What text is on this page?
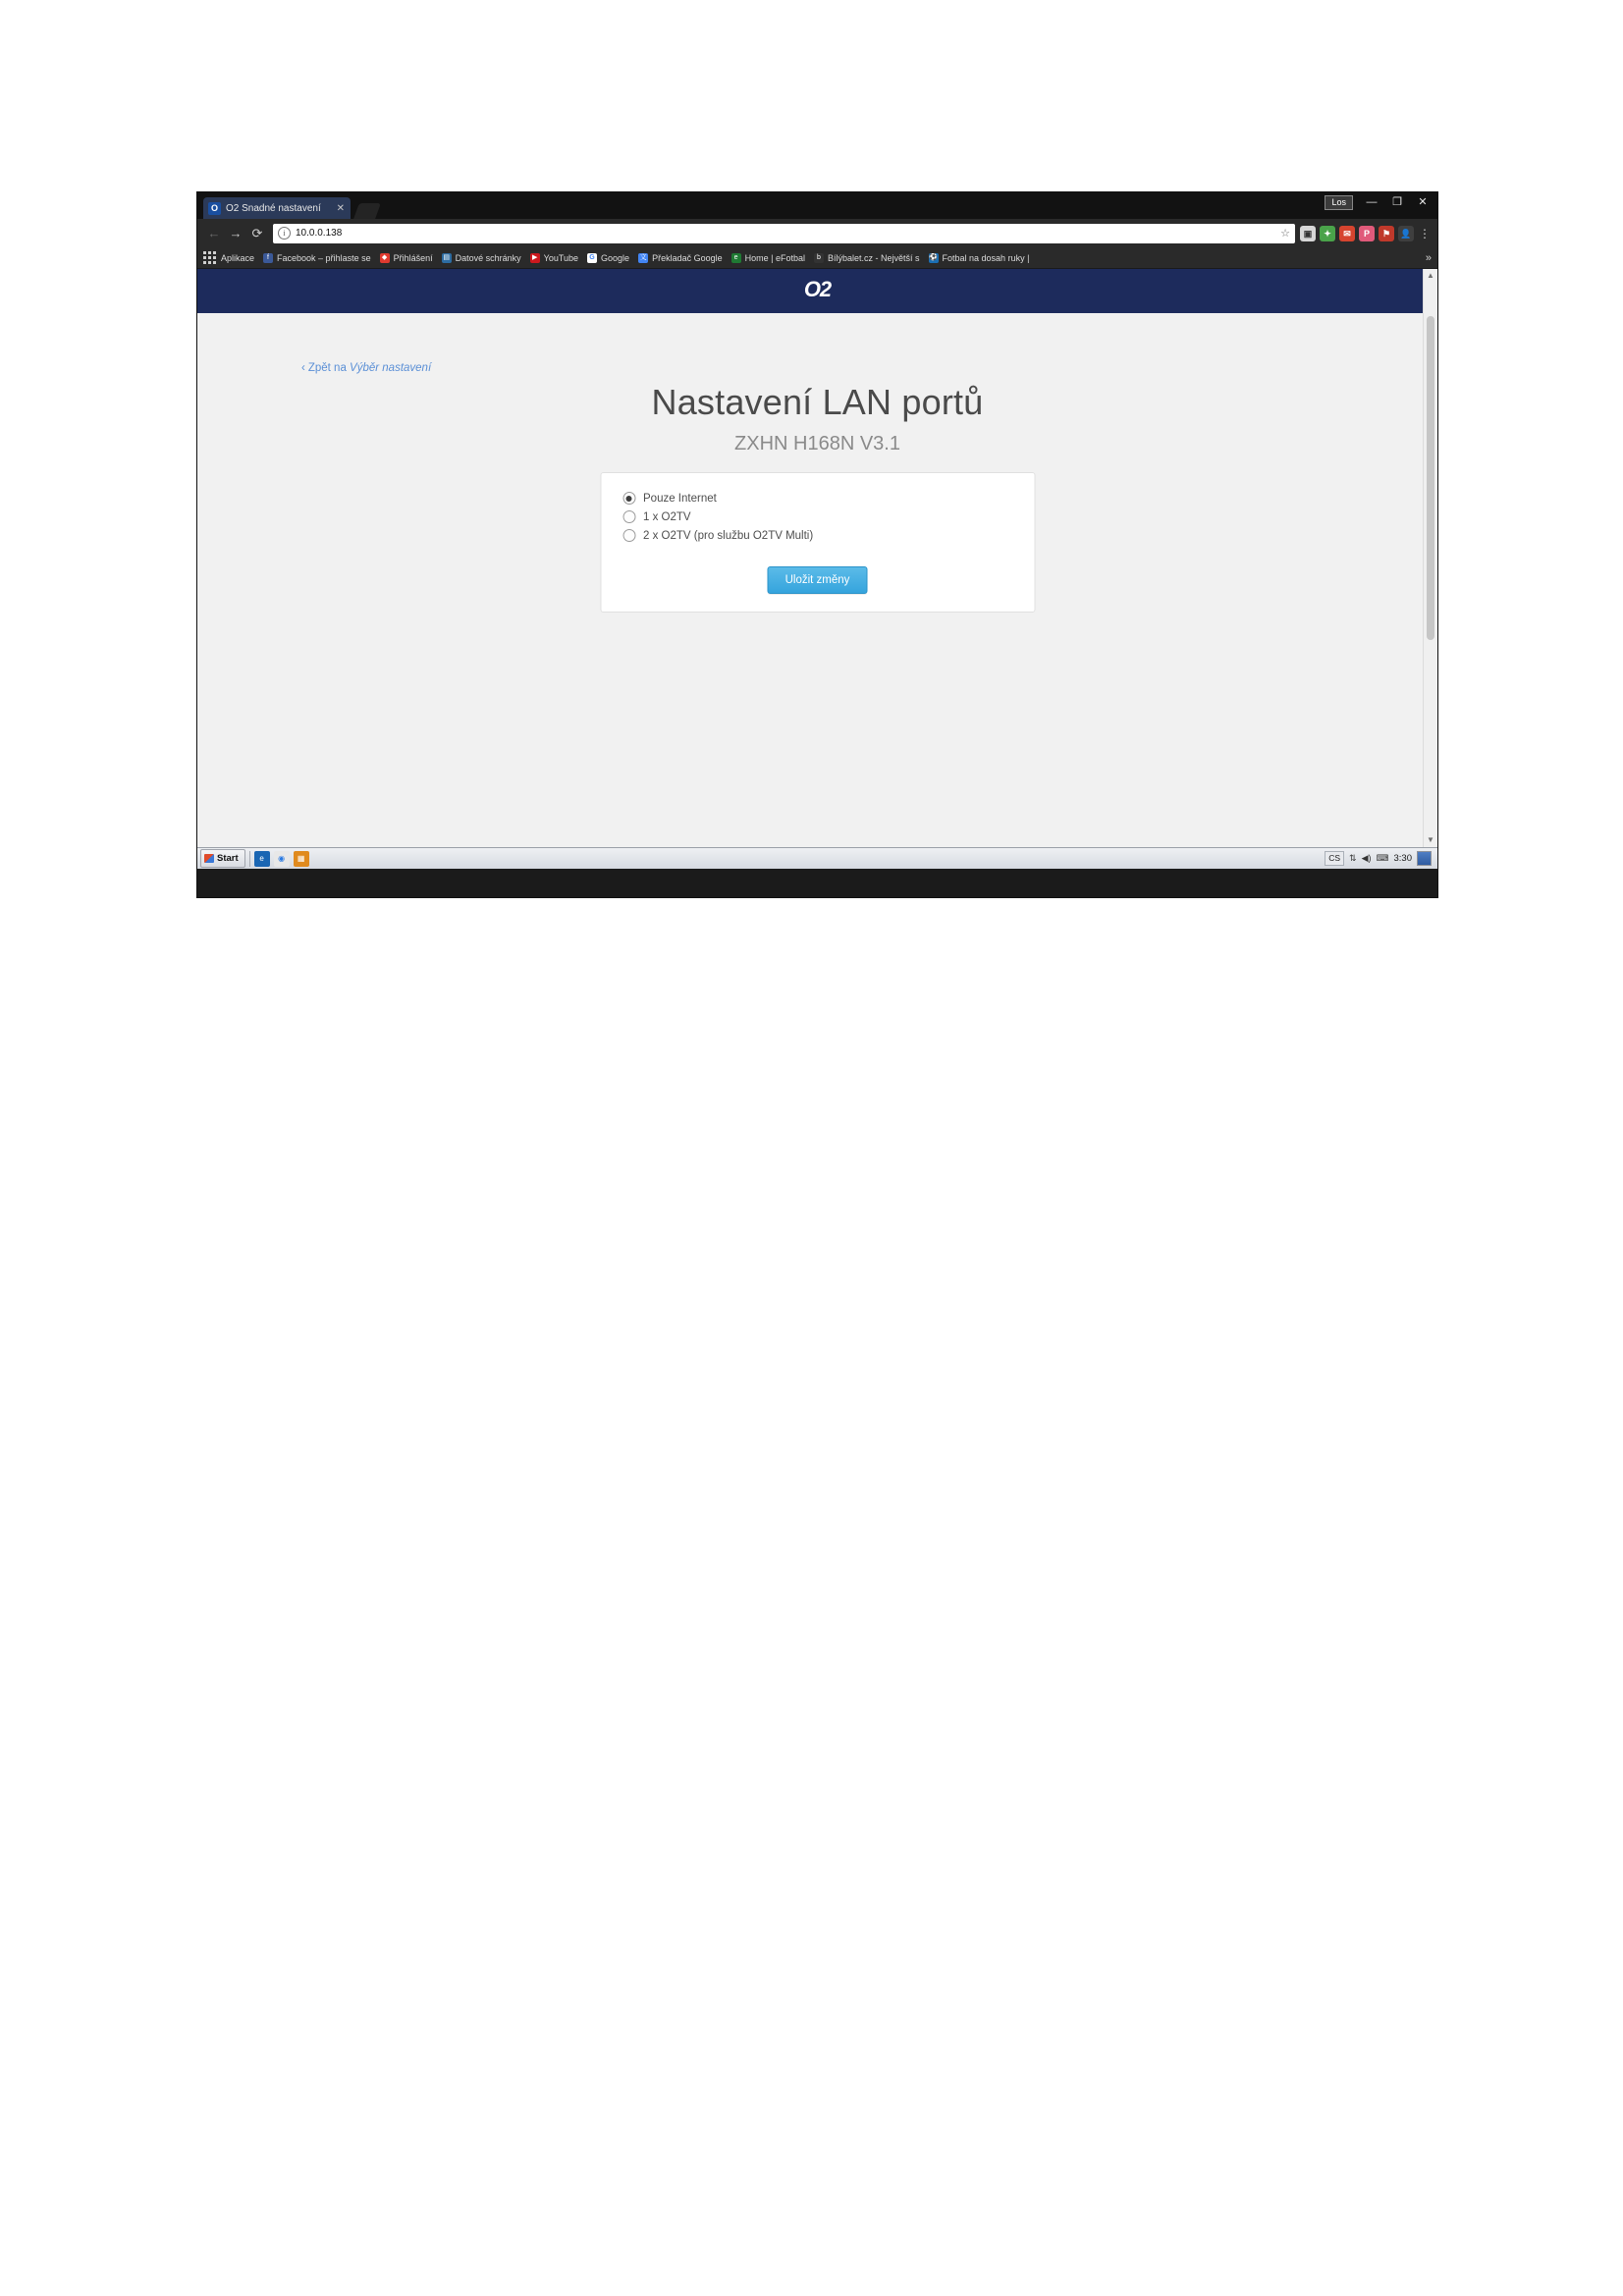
O O2 Snadné nastavení	✕
Los	—	❐	✕
← → ⟳	i	10.0.0.138	☆	▣	✦	✉	P	⚑	👤 ⋮
Aplikace	f Facebook – přihlaste se	◆ Přihlášení ▤ Datové schránky	▶ YouTube	G Google 文 Překladač Google	e Home | eFotbal	b Bílýbalet.cz - Největší s ⚽ Fotbal na dosah ruky |	»
O2
‹ Zpět na Výběr nastavení
Nastavení LAN portů
ZXHN H168N V3.1
Pouze Internet
1 x O2TV
2 x O2TV (pro službu O2TV Multi)
Uložit změny
▲
▼
Start	e	◉	▦	CS	⇅ ◀) ⌨ 3:30
